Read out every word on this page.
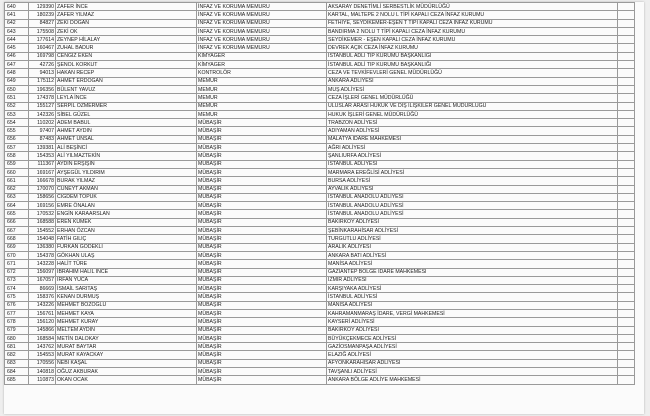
640	129390	ZAFER İNCE	İNFAZ VE KORUMA MEMURU	AKSARAY DENETİMLİ SERBESTLİK MÜDÜRLÜĞÜ	
641	180239	ZAFER YILMAZ	İNFAZ VE KORUMA MEMURU	KARTAL, MALTEPE 2 NOLU L TİPİ KAPALI CEZA İNFAZ KURUMU	
642	84827	ZEKİ DOĞAN	İNFAZ VE KORUMA MEMURU	FETHİYE, SEYDİKEMER-EŞEN T TİPİ KAPALI CEZA İNFAZ KURUMU	
643	175508	ZEKİ OK	İNFAZ VE KORUMA MEMURU	BANDIRMA 2 NOLU T TİPİ KAPALI CEZA İNFAZ KURUMU	
644	177614	ZEYNEP HİLALAY	İNFAZ VE KORUMA MEMURU	SEYDİKEMER - EŞEN KAPALI CEZA İNFAZ KURUMU	
645	160467	ZUHAL BADUR	İNFAZ VE KORUMA MEMURU	DEVREK AÇIK CEZA İNFAZ KURUMU	
646	169798	CENGİZ EKEN	KİMYAGER	İSTANBUL ADLİ TIP KURUMU BAŞKANLIĞI	
647	42726	ŞENOL KORKUT	KİMYAGER	İSTANBUL ADLİ TIP KURUMU BAŞKANLIĞI	
648	94013	HAKAN RECEP	KONTROLÖR	CEZA VE TEVKİFEVLERİ GENEL MÜDÜRLÜĞÜ	
649	175112	AHMET ERDOĞAN	MEMUR	ANKARA ADLİYESİ	
650	196356	BÜLENT YAVUZ	MEMUR	MUŞ ADLİYESİ	
651	174378	LEYLA İNCE	MEMUR	CEZA İŞLERİ GENEL MÜDÜRLÜĞÜ	
652	155127	SERPİL ÖZMERMER	MEMUR	ULUSLAR ARASI HUKUK VE DIŞ İLİŞKİLER GENEL MÜDÜRLÜĞÜ	
653	142326	SİBEL GÜZEL	MEMUR	HUKUK İŞLERİ GENEL MÜDÜRLÜĞÜ	
654	110202	ADEM BABUL	MÜBAŞİR	TRABZON ADLİYESİ	
655	97407	AHMET AYDIN	MÜBAŞİR	ADIYAMAN ADLİYESİ	
656	87483	AHMET ÜNSAL	MÜBAŞİR	MALATYA İDARE MAHKEMESİ	
657	139381	ALİ BEŞİNCİ	MÜBAŞİR	AĞRI ADLİYESİ	
658	154353	ALİ YILMAZTEKİN	MÜBAŞİR	ŞANLIURFA ADLİYESİ	
659	111367	AYDIN ERŞİŞİN	MÜBAŞİR	İSTANBUL ADLİYESİ	
660	169167	AYŞEGÜL YILDIRIM	MÜBAŞİR	MARMARA EREĞLİSİ ADLİYESİ	
661	166678	BURAK YILMAZ	MÜBAŞİR	BURSA ADLİYESİ	
662	170070	CÜNEYT AKMAN	MÜBAŞİR	AYVALIK ADLİYESİ	
663	158656	CİĞDEM TOPUK	MÜBAŞİR	İSTANBUL ANADOLU ADLİYESİ	
664	169156	EMRE ÖNALAN	MÜBAŞİR	İSTANBUL ANADOLU ADLİYESİ	
665	170532	ENGİN KARAARSLAN	MÜBAŞİR	İSTANBUL ANADOLU ADLİYESİ	
666	168588	EREN KUMEK	MÜBAŞİR	BAKIRKÖY ADLİYESİ	
667	154552	ERHAN ÖZCAN	MÜBAŞİR	ŞEBİNKARAHİSAR ADLİYESİ	
668	154048	FATİH GILIÇ	MÜBAŞİR	TURGUTLU ADLİYESİ	
669	136380	FURKAN GÖDEKLİ	MÜBAŞİR	ARALIK ADLİYESİ	
670	154378	GÖKHAN ULAŞ	MÜBAŞİR	ANKARA BATI ADLİYESİ	
671	143228	HALİT TÜRE	MÜBAŞİR	MANİSA ADLİYESİ	
672	156097	İBRAHİM HALİL İNCE	MÜBAŞİR	GAZİANTEP BÖLGE İDARE MAHKEMESİ	
673	167057	İRFAN YUCA	MÜBAŞİR	İZMİR ADLİYESİ	
674	86669	İSMAİL SARITAŞ	MÜBAŞİR	KARŞIYAKA ADLİYESİ	
675	158376	KENAN DURMUŞ	MÜBAŞİR	İSTANBUL ADLİYESİ	
676	143226	MEHMET BOZOĞLU	MÜBAŞİR	MANİSA ADLİYESİ	
677	156761	MEHMET KAYA	MÜBAŞİR	KAHRAMANMARAŞ İDARE, VERGİ MAHKEMESİ	
678	156120	MEHMET KURAY	MÜBAŞİR	KAYSERİ ADLİYESİ	
679	145866	MELTEM AYDIN	MÜBAŞİR	BAKIRKÖY ADLİYESİ	
680	168584	METİN DALOKAY	MÜBAŞİR	BÜYÜKÇEKMECE ADLİYESİ	
681	143762	MURAT BAYTAR	MÜBAŞİR	GAZİOSMANPAŞA ADLİYESİ	
682	154553	MURAT KAYACKAY	MÜBAŞİR	ELAZIĞ ADLİYESİ	
683	170556	NEBİ KAŞAL	MÜBAŞİR	AFYONKARAHİSAR ADLİYESİ	
684	140818	OĞUZ AKBURAK	MÜBAŞİR	TAVŞANLI ADLİYESİ	
685	110873	OKAN OCAK	MÜBAŞİR	ANKARA BÖLGE ADLİYE MAHKEMESİ	
